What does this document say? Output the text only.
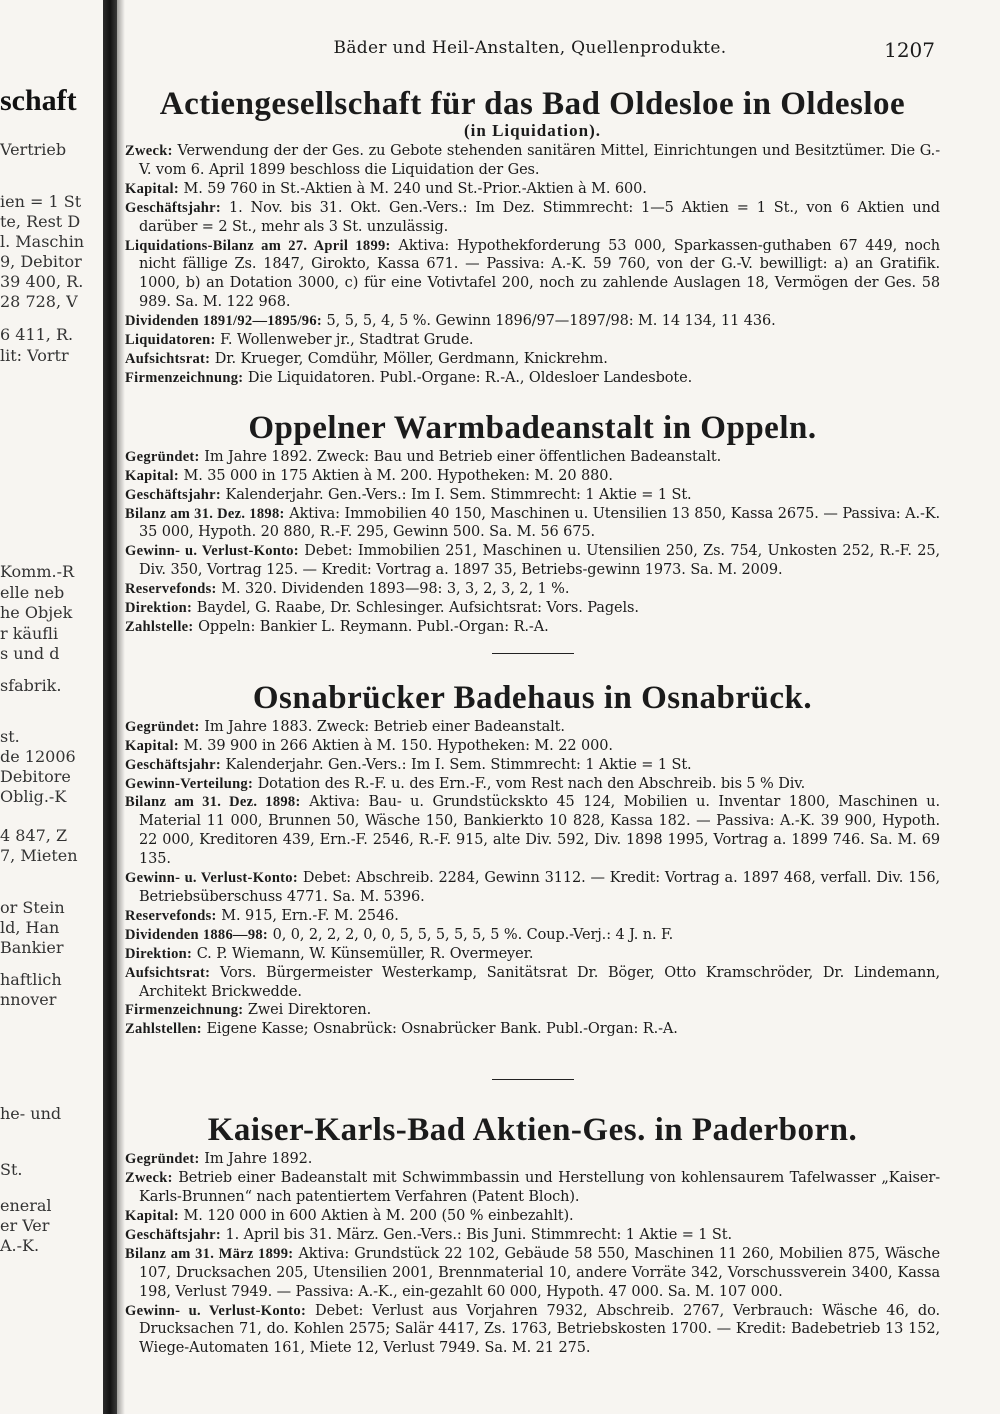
schaft
Vertrieb
ien = 1 St
te, Rest D
l. Maschin
9, Debitor
39 400, R.
28 728, V
6 411, R.
lit: Vortr
Komm.-R
elle neb
he Objek
r käufli
s und d
sfabrik.
st.
de 12006
Debitore
Oblig.-K
4 847, Z
7, Mieten
or Stein
ld, Han
Bankier
haftlich
nnover
he- und
St.
eneral
er Ver
A.-K.
Bäder und Heil-Anstalten, Quellenprodukte.	1207
Actiengesellschaft für das Bad Oldesloe in Oldesloe
(in Liquidation).

Zweck: Verwendung der der Ges. zu Gebote stehenden sanitären Mittel, Einrichtungen und Besitztümer. Die G.-V. vom 6. April 1899 beschloss die Liquidation der Ges.

Kapital: M. 59 760 in St.-Aktien à M. 240 und St.-Prior.-Aktien à M. 600.

Geschäftsjahr: 1. Nov. bis 31. Okt. Gen.-Vers.: Im Dez. Stimmrecht: 1—5 Aktien = 1 St., von 6 Aktien und darüber = 2 St., mehr als 3 St. unzulässig.

Liquidations-Bilanz am 27. April 1899: Aktiva: Hypothekforderung 53 000, Sparkassen-guthaben 67 449, noch nicht fällige Zs. 1847, Girokto, Kassa 671. — Passiva: A.-K. 59 760, von der G.-V. bewilligt: a) an Gratifik. 1000, b) an Dotation 3000, c) für eine Votivtafel 200, noch zu zahlende Auslagen 18, Vermögen der Ges. 58 989. Sa. M. 122 968.

Dividenden 1891/92—1895/96: 5, 5, 5, 4, 5 %. Gewinn 1896/97—1897/98: M. 14 134, 11 436.

Liquidatoren: F. Wollenweber jr., Stadtrat Grude.

Aufsichtsrat: Dr. Krueger, Comdühr, Möller, Gerdmann, Knickrehm.

Firmenzeichnung: Die Liquidatoren. Publ.-Organe: R.-A., Oldesloer Landesbote.

Oppelner Warmbadeanstalt in Oppeln.

Gegründet: Im Jahre 1892. Zweck: Bau und Betrieb einer öffentlichen Badeanstalt.

Kapital: M. 35 000 in 175 Aktien à M. 200. Hypotheken: M. 20 880.

Geschäftsjahr: Kalenderjahr. Gen.-Vers.: Im I. Sem. Stimmrecht: 1 Aktie = 1 St.

Bilanz am 31. Dez. 1898: Aktiva: Immobilien 40 150, Maschinen u. Utensilien 13 850, Kassa 2675. — Passiva: A.-K. 35 000, Hypoth. 20 880, R.-F. 295, Gewinn 500. Sa. M. 56 675.

Gewinn- u. Verlust-Konto: Debet: Immobilien 251, Maschinen u. Utensilien 250, Zs. 754, Unkosten 252, R.-F. 25, Div. 350, Vortrag 125. — Kredit: Vortrag a. 1897 35, Betriebs-gewinn 1973. Sa. M. 2009.

Reservefonds: M. 320. Dividenden 1893—98: 3, 3, 2, 3, 2, 1 %.

Direktion: Baydel, G. Raabe, Dr. Schlesinger. Aufsichtsrat: Vors. Pagels.

Zahlstelle: Oppeln: Bankier L. Reymann. Publ.-Organ: R.-A.

Osnabrücker Badehaus in Osnabrück.

Gegründet: Im Jahre 1883. Zweck: Betrieb einer Badeanstalt.

Kapital: M. 39 900 in 266 Aktien à M. 150. Hypotheken: M. 22 000.

Geschäftsjahr: Kalenderjahr. Gen.-Vers.: Im I. Sem. Stimmrecht: 1 Aktie = 1 St.

Gewinn-Verteilung: Dotation des R.-F. u. des Ern.-F., vom Rest nach den Abschreib. bis 5 % Div.

Bilanz am 31. Dez. 1898: Aktiva: Bau- u. Grundstückskto 45 124, Mobilien u. Inventar 1800, Maschinen u. Material 11 000, Brunnen 50, Wäsche 150, Bankierkto 10 828, Kassa 182. — Passiva: A.-K. 39 900, Hypoth. 22 000, Kreditoren 439, Ern.-F. 2546, R.-F. 915, alte Div. 592, Div. 1898 1995, Vortrag a. 1899 746. Sa. M. 69 135.

Gewinn- u. Verlust-Konto: Debet: Abschreib. 2284, Gewinn 3112. — Kredit: Vortrag a. 1897 468, verfall. Div. 156, Betriebsüberschuss 4771. Sa. M. 5396.

Reservefonds: M. 915, Ern.-F. M. 2546.

Dividenden 1886—98: 0, 0, 2, 2, 2, 0, 0, 5, 5, 5, 5, 5, 5 %. Coup.-Verj.: 4 J. n. F.

Direktion: C. P. Wiemann, W. Künsemüller, R. Overmeyer.

Aufsichtsrat: Vors. Bürgermeister Westerkamp, Sanitätsrat Dr. Böger, Otto Kramschröder, Dr. Lindemann, Architekt Brickwedde.

Firmenzeichnung: Zwei Direktoren.

Zahlstellen: Eigene Kasse; Osnabrück: Osnabrücker Bank. Publ.-Organ: R.-A.

Kaiser-Karls-Bad Aktien-Ges. in Paderborn.

Gegründet: Im Jahre 1892.

Zweck: Betrieb einer Badeanstalt mit Schwimmbassin und Herstellung von kohlensaurem Tafelwasser „Kaiser-Karls-Brunnen“ nach patentiertem Verfahren (Patent Bloch).

Kapital: M. 120 000 in 600 Aktien à M. 200 (50 % einbezahlt).

Geschäftsjahr: 1. April bis 31. März. Gen.-Vers.: Bis Juni. Stimmrecht: 1 Aktie = 1 St.

Bilanz am 31. März 1899: Aktiva: Grundstück 22 102, Gebäude 58 550, Maschinen 11 260, Mobilien 875, Wäsche 107, Drucksachen 205, Utensilien 2001, Brennmaterial 10, andere Vorräte 342, Vorschussverein 3400, Kassa 198, Verlust 7949. — Passiva: A.-K., ein-gezahlt 60 000, Hypoth. 47 000. Sa. M. 107 000.

Gewinn- u. Verlust-Konto: Debet: Verlust aus Vorjahren 7932, Abschreib. 2767, Verbrauch: Wäsche 46, do. Drucksachen 71, do. Kohlen 2575; Salär 4417, Zs. 1763, Betriebskosten 1700. — Kredit: Badebetrieb 13 152, Wiege-Automaten 161, Miete 12, Verlust 7949. Sa. M. 21 275.
